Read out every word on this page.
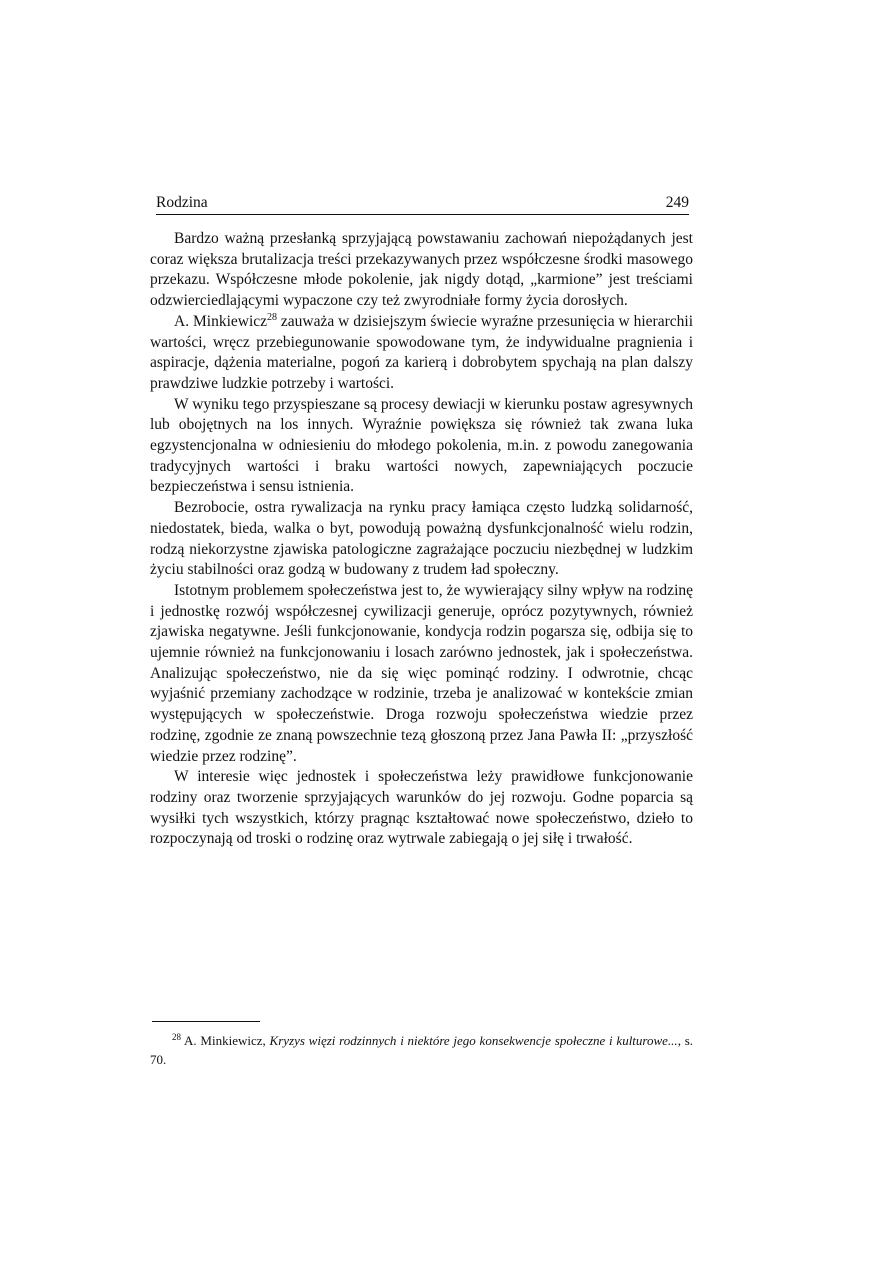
Rodzina	249

Bardzo ważną przesłanką sprzyjającą powstawaniu zachowań niepożądanych jest coraz większa brutalizacja treści przekazywanych przez współczesne środki masowego przekazu. Współczesne młode pokolenie, jak nigdy dotąd, „karmione” jest treściami odzwierciedlającymi wypaczone czy też zwyrodniałe formy życia dorosłych.

A. Minkiewicz$^{28}$ zauważa w dzisiejszym świecie wyraźne przesunięcia w hierarchii wartości, wręcz przebiegunowanie spowodowane tym, że indywidualne pragnienia i aspiracje, dążenia materialne, pogoń za karierą i dobrobytem spychają na plan dalszy prawdziwe ludzkie potrzeby i wartości.

W wyniku tego przyspieszane są procesy dewiacji w kierunku postaw agresywnych lub obojętnych na los innych. Wyraźnie powiększa się również tak zwana luka egzystencjonalna w odniesieniu do młodego pokolenia, m.in. z powodu zanegowania tradycyjnych wartości i braku wartości nowych, zapewniających poczucie bezpieczeństwa i sensu istnienia.

Bezrobocie, ostra rywalizacja na rynku pracy łamiąca często ludzką solidarność, niedostatek, bieda, walka o byt, powodują poważną dysfunkcjonalność wielu rodzin, rodzą niekorzystne zjawiska patologiczne zagrażające poczuciu niezbędnej w ludzkim życiu stabilności oraz godzą w budowany z trudem ład społeczny.

Istotnym problemem społeczeństwa jest to, że wywierający silny wpływ na rodzinę i jednostkę rozwój współczesnej cywilizacji generuje, oprócz pozytywnych, również zjawiska negatywne. Jeśli funkcjonowanie, kondycja rodzin pogarsza się, odbija się to ujemnie również na funkcjonowaniu i losach zarówno jednostek, jak i społeczeństwa. Analizując społeczeństwo, nie da się więc pominąć rodziny. I odwrotnie, chcąc wyjaśnić przemiany zachodzące w rodzinie, trzeba je analizować w kontekście zmian występujących w społeczeństwie. Droga rozwoju społeczeństwa wiedzie przez rodzinę, zgodnie ze znaną powszechnie tezą głoszoną przez Jana Pawła II: „przyszłość wiedzie przez rodzinę”.

W interesie więc jednostek i społeczeństwa leży prawidłowe funkcjonowanie rodziny oraz tworzenie sprzyjających warunków do jej rozwoju. Godne poparcia są wysiłki tych wszystkich, którzy pragnąc kształtować nowe społeczeństwo, dzieło to rozpoczynają od troski o rodzinę oraz wytrwale zabiegają o jej siłę i trwałość.

$^{28}$ A. Minkiewicz, Kryzys więzi rodzinnych i niektóre jego konsekwencje społeczne i kulturowe..., s. 70.
